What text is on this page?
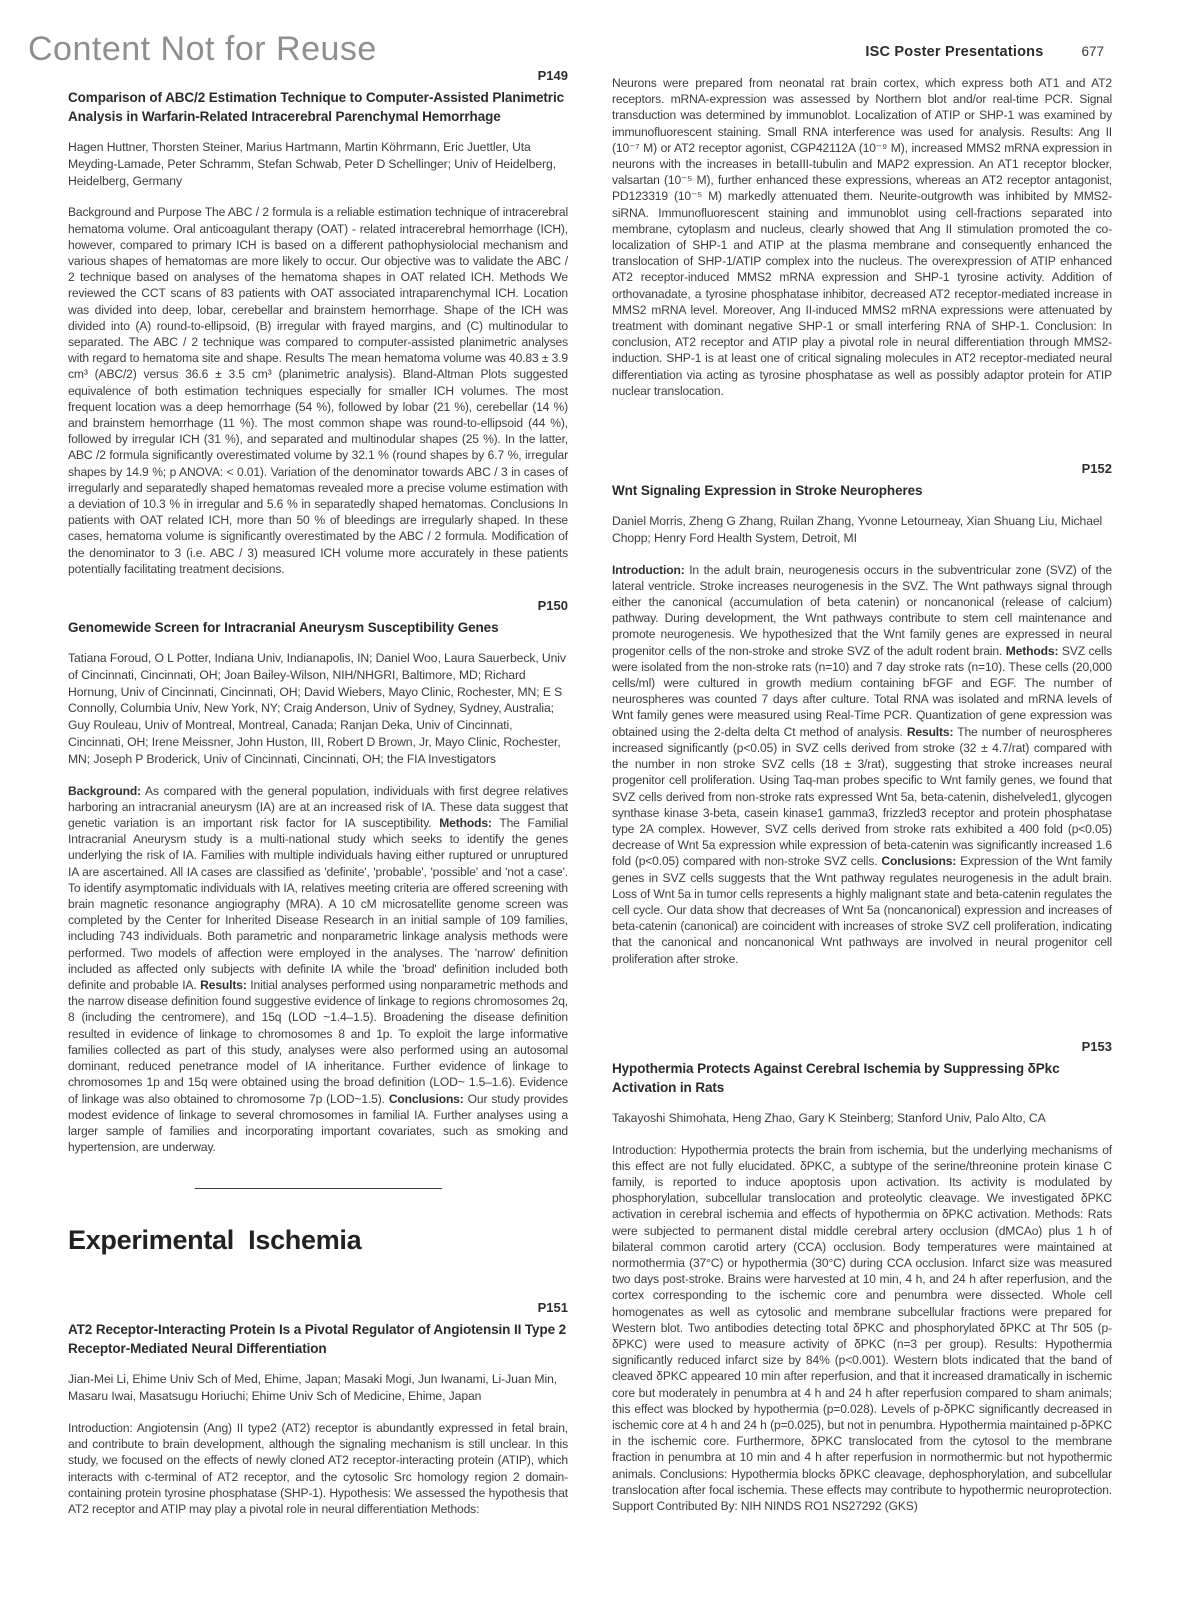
Content Not for Reuse
P149
Comparison of ABC/2 Estimation Technique to Computer-Assisted Planimetric Analysis in Warfarin-Related Intracerebral Parenchymal Hemorrhage

Hagen Huttner, Thorsten Steiner, Marius Hartmann, Martin Köhrmann, Eric Juettler, Uta Meyding-Lamade, Peter Schramm, Stefan Schwab, Peter D Schellinger; Univ of Heidelberg, Heidelberg, Germany

Background and Purpose The ABC / 2 formula is a reliable estimation technique of intracerebral hematoma volume. Oral anticoagulant therapy (OAT) - related intracerebral hemorrhage (ICH), however, compared to primary ICH is based on a different pathophysiolocial mechanism and various shapes of hematomas are more likely to occur. Our objective was to validate the ABC / 2 technique based on analyses of the hematoma shapes in OAT related ICH. Methods We reviewed the CCT scans of 83 patients with OAT associated intraparenchymal ICH. Location was divided into deep, lobar, cerebellar and brainstem hemorrhage. Shape of the ICH was divided into (A) round-to-ellipsoid, (B) irregular with frayed margins, and (C) multinodular to separated. The ABC / 2 technique was compared to computer-assisted planimetric analyses with regard to hematoma site and shape. Results The mean hematoma volume was 40.83 ± 3.9 cm³ (ABC/2) versus 36.6 ± 3.5 cm³ (planimetric analysis). Bland-Altman Plots suggested equivalence of both estimation techniques especially for smaller ICH volumes. The most frequent location was a deep hemorrhage (54 %), followed by lobar (21 %), cerebellar (14 %) and brainstem hemorrhage (11 %). The most common shape was round-to-ellipsoid (44 %), followed by irregular ICH (31 %), and separated and multinodular shapes (25 %). In the latter, ABC /2 formula significantly overestimated volume by 32.1 % (round shapes by 6.7 %, irregular shapes by 14.9 %; p ANOVA: < 0.01). Variation of the denominator towards ABC / 3 in cases of irregularly and separatedly shaped hematomas revealed more a precise volume estimation with a deviation of 10.3 % in irregular and 5.6 % in separatedly shaped hematomas. Conclusions In patients with OAT related ICH, more than 50 % of bleedings are irregularly shaped. In these cases, hematoma volume is significantly overestimated by the ABC / 2 formula. Modification of the denominator to 3 (i.e. ABC / 3) measured ICH volume more accurately in these patients potentially facilitating treatment decisions.

P150
Genomewide Screen for Intracranial Aneurysm Susceptibility Genes

Tatiana Foroud, O L Potter, Indiana Univ, Indianapolis, IN; Daniel Woo, Laura Sauerbeck, Univ of Cincinnati, Cincinnati, OH; Joan Bailey-Wilson, NIH/NHGRI, Baltimore, MD; Richard Hornung, Univ of Cincinnati, Cincinnati, OH; David Wiebers, Mayo Clinic, Rochester, MN; E S Connolly, Columbia Univ, New York, NY; Craig Anderson, Univ of Sydney, Sydney, Australia; Guy Rouleau, Univ of Montreal, Montreal, Canada; Ranjan Deka, Univ of Cincinnati, Cincinnati, OH; Irene Meissner, John Huston, III, Robert D Brown, Jr, Mayo Clinic, Rochester, MN; Joseph P Broderick, Univ of Cincinnati, Cincinnati, OH; the FIA Investigators

Background: As compared with the general population, individuals with first degree relatives harboring an intracranial aneurysm (IA) are at an increased risk of IA. These data suggest that genetic variation is an important risk factor for IA susceptibility. Methods: The Familial Intracranial Aneurysm study is a multi-national study which seeks to identify the genes underlying the risk of IA. Families with multiple individuals having either ruptured or unruptured IA are ascertained. All IA cases are classified as 'definite', 'probable', 'possible' and 'not a case'. To identify asymptomatic individuals with IA, relatives meeting criteria are offered screening with brain magnetic resonance angiography (MRA). A 10 cM microsatellite genome screen was completed by the Center for Inherited Disease Research in an initial sample of 109 families, including 743 individuals. Both parametric and nonparametric linkage analysis methods were performed. Two models of affection were employed in the analyses. The 'narrow' definition included as affected only subjects with definite IA while the 'broad' definition included both definite and probable IA. Results: Initial analyses performed using nonparametric methods and the narrow disease definition found suggestive evidence of linkage to regions chromosomes 2q, 8 (including the centromere), and 15q (LOD ~1.4–1.5). Broadening the disease definition resulted in evidence of linkage to chromosomes 8 and 1p. To exploit the large informative families collected as part of this study, analyses were also performed using an autosomal dominant, reduced penetrance model of IA inheritance. Further evidence of linkage to chromosomes 1p and 15q were obtained using the broad definition (LOD~ 1.5–1.6). Evidence of linkage was also obtained to chromosome 7p (LOD~1.5). Conclusions: Our study provides modest evidence of linkage to several chromosomes in familial IA. Further analyses using a larger sample of families and incorporating important covariates, such as smoking and hypertension, are underway.

Experimental Ischemia
P151
AT2 Receptor-Interacting Protein Is a Pivotal Regulator of Angiotensin II Type 2 Receptor-Mediated Neural Differentiation

Jian-Mei Li, Ehime Univ Sch of Med, Ehime, Japan; Masaki Mogi, Jun Iwanami, Li-Juan Min, Masaru Iwai, Masatsugu Horiuchi; Ehime Univ Sch of Medicine, Ehime, Japan

Introduction: Angiotensin (Ang) II type2 (AT2) receptor is abundantly expressed in fetal brain, and contribute to brain development, although the signaling mechanism is still unclear. In this study, we focused on the effects of newly cloned AT2 receptor-interacting protein (ATIP), which interacts with c-terminal of AT2 receptor, and the cytosolic Src homology region 2 domain-containing protein tyrosine phosphatase (SHP-1). Hypothesis: We assessed the hypothesis that AT2 receptor and ATIP may play a pivotal role in neural differentiation Methods:

ISC Poster Presentations	677

Neurons were prepared from neonatal rat brain cortex, which express both AT1 and AT2 receptors. mRNA-expression was assessed by Northern blot and/or real-time PCR. Signal transduction was determined by immunoblot. Localization of ATIP or SHP-1 was examined by immunofluorescent staining. Small RNA interference was used for analysis. Results: Ang II (10⁻⁷ M) or AT2 receptor agonist, CGP42112A (10⁻⁹ M), increased MMS2 mRNA expression in neurons with the increases in betaIII-tubulin and MAP2 expression. An AT1 receptor blocker, valsartan (10⁻⁵ M), further enhanced these expressions, whereas an AT2 receptor antagonist, PD123319 (10⁻⁵ M) markedly attenuated them. Neurite-outgrowth was inhibited by MMS2-siRNA. Immunofluorescent staining and immunoblot using cell-fractions separated into membrane, cytoplasm and nucleus, clearly showed that Ang II stimulation promoted the co-localization of SHP-1 and ATIP at the plasma membrane and consequently enhanced the translocation of SHP-1/ATIP complex into the nucleus. The overexpression of ATIP enhanced AT2 receptor-induced MMS2 mRNA expression and SHP-1 tyrosine activity. Addition of orthovanadate, a tyrosine phosphatase inhibitor, decreased AT2 receptor-mediated increase in MMS2 mRNA level. Moreover, Ang II-induced MMS2 mRNA expressions were attenuated by treatment with dominant negative SHP-1 or small interfering RNA of SHP-1. Conclusion: In conclusion, AT2 receptor and ATIP play a pivotal role in neural differentiation through MMS2-induction. SHP-1 is at least one of critical signaling molecules in AT2 receptor-mediated neural differentiation via acting as tyrosine phosphatase as well as possibly adaptor protein for ATIP nuclear translocation.

P152
Wnt Signaling Expression in Stroke Neuropheres

Daniel Morris, Zheng G Zhang, Ruilan Zhang, Yvonne Letourneay, Xian Shuang Liu, Michael Chopp; Henry Ford Health System, Detroit, MI

Introduction: In the adult brain, neurogenesis occurs in the subventricular zone (SVZ) of the lateral ventricle. Stroke increases neurogenesis in the SVZ. The Wnt pathways signal through either the canonical (accumulation of beta catenin) or noncanonical (release of calcium) pathway. During development, the Wnt pathways contribute to stem cell maintenance and promote neurogenesis. We hypothesized that the Wnt family genes are expressed in neural progenitor cells of the non-stroke and stroke SVZ of the adult rodent brain. Methods: SVZ cells were isolated from the non-stroke rats (n=10) and 7 day stroke rats (n=10). These cells (20,000 cells/ml) were cultured in growth medium containing bFGF and EGF. The number of neurospheres was counted 7 days after culture. Total RNA was isolated and mRNA levels of Wnt family genes were measured using Real-Time PCR. Quantization of gene expression was obtained using the 2-delta delta Ct method of analysis. Results: The number of neurospheres increased significantly (p<0.05) in SVZ cells derived from stroke (32 ± 4.7/rat) compared with the number in non stroke SVZ cells (18 ± 3/rat), suggesting that stroke increases neural progenitor cell proliferation. Using Taq-man probes specific to Wnt family genes, we found that SVZ cells derived from non-stroke rats expressed Wnt 5a, beta-catenin, dishelveled1, glycogen synthase kinase 3-beta, casein kinase1 gamma3, frizzled3 receptor and protein phosphatase type 2A complex. However, SVZ cells derived from stroke rats exhibited a 400 fold (p<0.05) decrease of Wnt 5a expression while expression of beta-catenin was significantly increased 1.6 fold (p<0.05) compared with non-stroke SVZ cells. Conclusions: Expression of the Wnt family genes in SVZ cells suggests that the Wnt pathway regulates neurogenesis in the adult brain. Loss of Wnt 5a in tumor cells represents a highly malignant state and beta-catenin regulates the cell cycle. Our data show that decreases of Wnt 5a (noncanonical) expression and increases of beta-catenin (canonical) are coincident with increases of stroke SVZ cell proliferation, indicating that the canonical and noncanonical Wnt pathways are involved in neural progenitor cell proliferation after stroke.

P153
Hypothermia Protects Against Cerebral Ischemia by Suppressing δPkc Activation in Rats

Takayoshi Shimohata, Heng Zhao, Gary K Steinberg; Stanford Univ, Palo Alto, CA

Introduction: Hypothermia protects the brain from ischemia, but the underlying mechanisms of this effect are not fully elucidated. δPKC, a subtype of the serine/threonine protein kinase C family, is reported to induce apoptosis upon activation. Its activity is modulated by phosphorylation, subcellular translocation and proteolytic cleavage. We investigated δPKC activation in cerebral ischemia and effects of hypothermia on δPKC activation. Methods: Rats were subjected to permanent distal middle cerebral artery occlusion (dMCAo) plus 1 h of bilateral common carotid artery (CCA) occlusion. Body temperatures were maintained at normothermia (37°C) or hypothermia (30°C) during CCA occlusion. Infarct size was measured two days post-stroke. Brains were harvested at 10 min, 4 h, and 24 h after reperfusion, and the cortex corresponding to the ischemic core and penumbra were dissected. Whole cell homogenates as well as cytosolic and membrane subcellular fractions were prepared for Western blot. Two antibodies detecting total δPKC and phosphorylated δPKC at Thr 505 (p-δPKC) were used to measure activity of δPKC (n=3 per group). Results: Hypothermia significantly reduced infarct size by 84% (p<0.001). Western blots indicated that the band of cleaved δPKC appeared 10 min after reperfusion, and that it increased dramatically in ischemic core but moderately in penumbra at 4 h and 24 h after reperfusion compared to sham animals; this effect was blocked by hypothermia (p=0.028). Levels of p-δPKC significantly decreased in ischemic core at 4 h and 24 h (p=0.025), but not in penumbra. Hypothermia maintained p-δPKC in the ischemic core. Furthermore, δPKC translocated from the cytosol to the membrane fraction in penumbra at 10 min and 4 h after reperfusion in normothermic but not hypothermic animals. Conclusions: Hypothermia blocks δPKC cleavage, dephosphorylation, and subcellular translocation after focal ischemia. These effects may contribute to hypothermic neuroprotection. Support Contributed By: NIH NINDS RO1 NS27292 (GKS)
